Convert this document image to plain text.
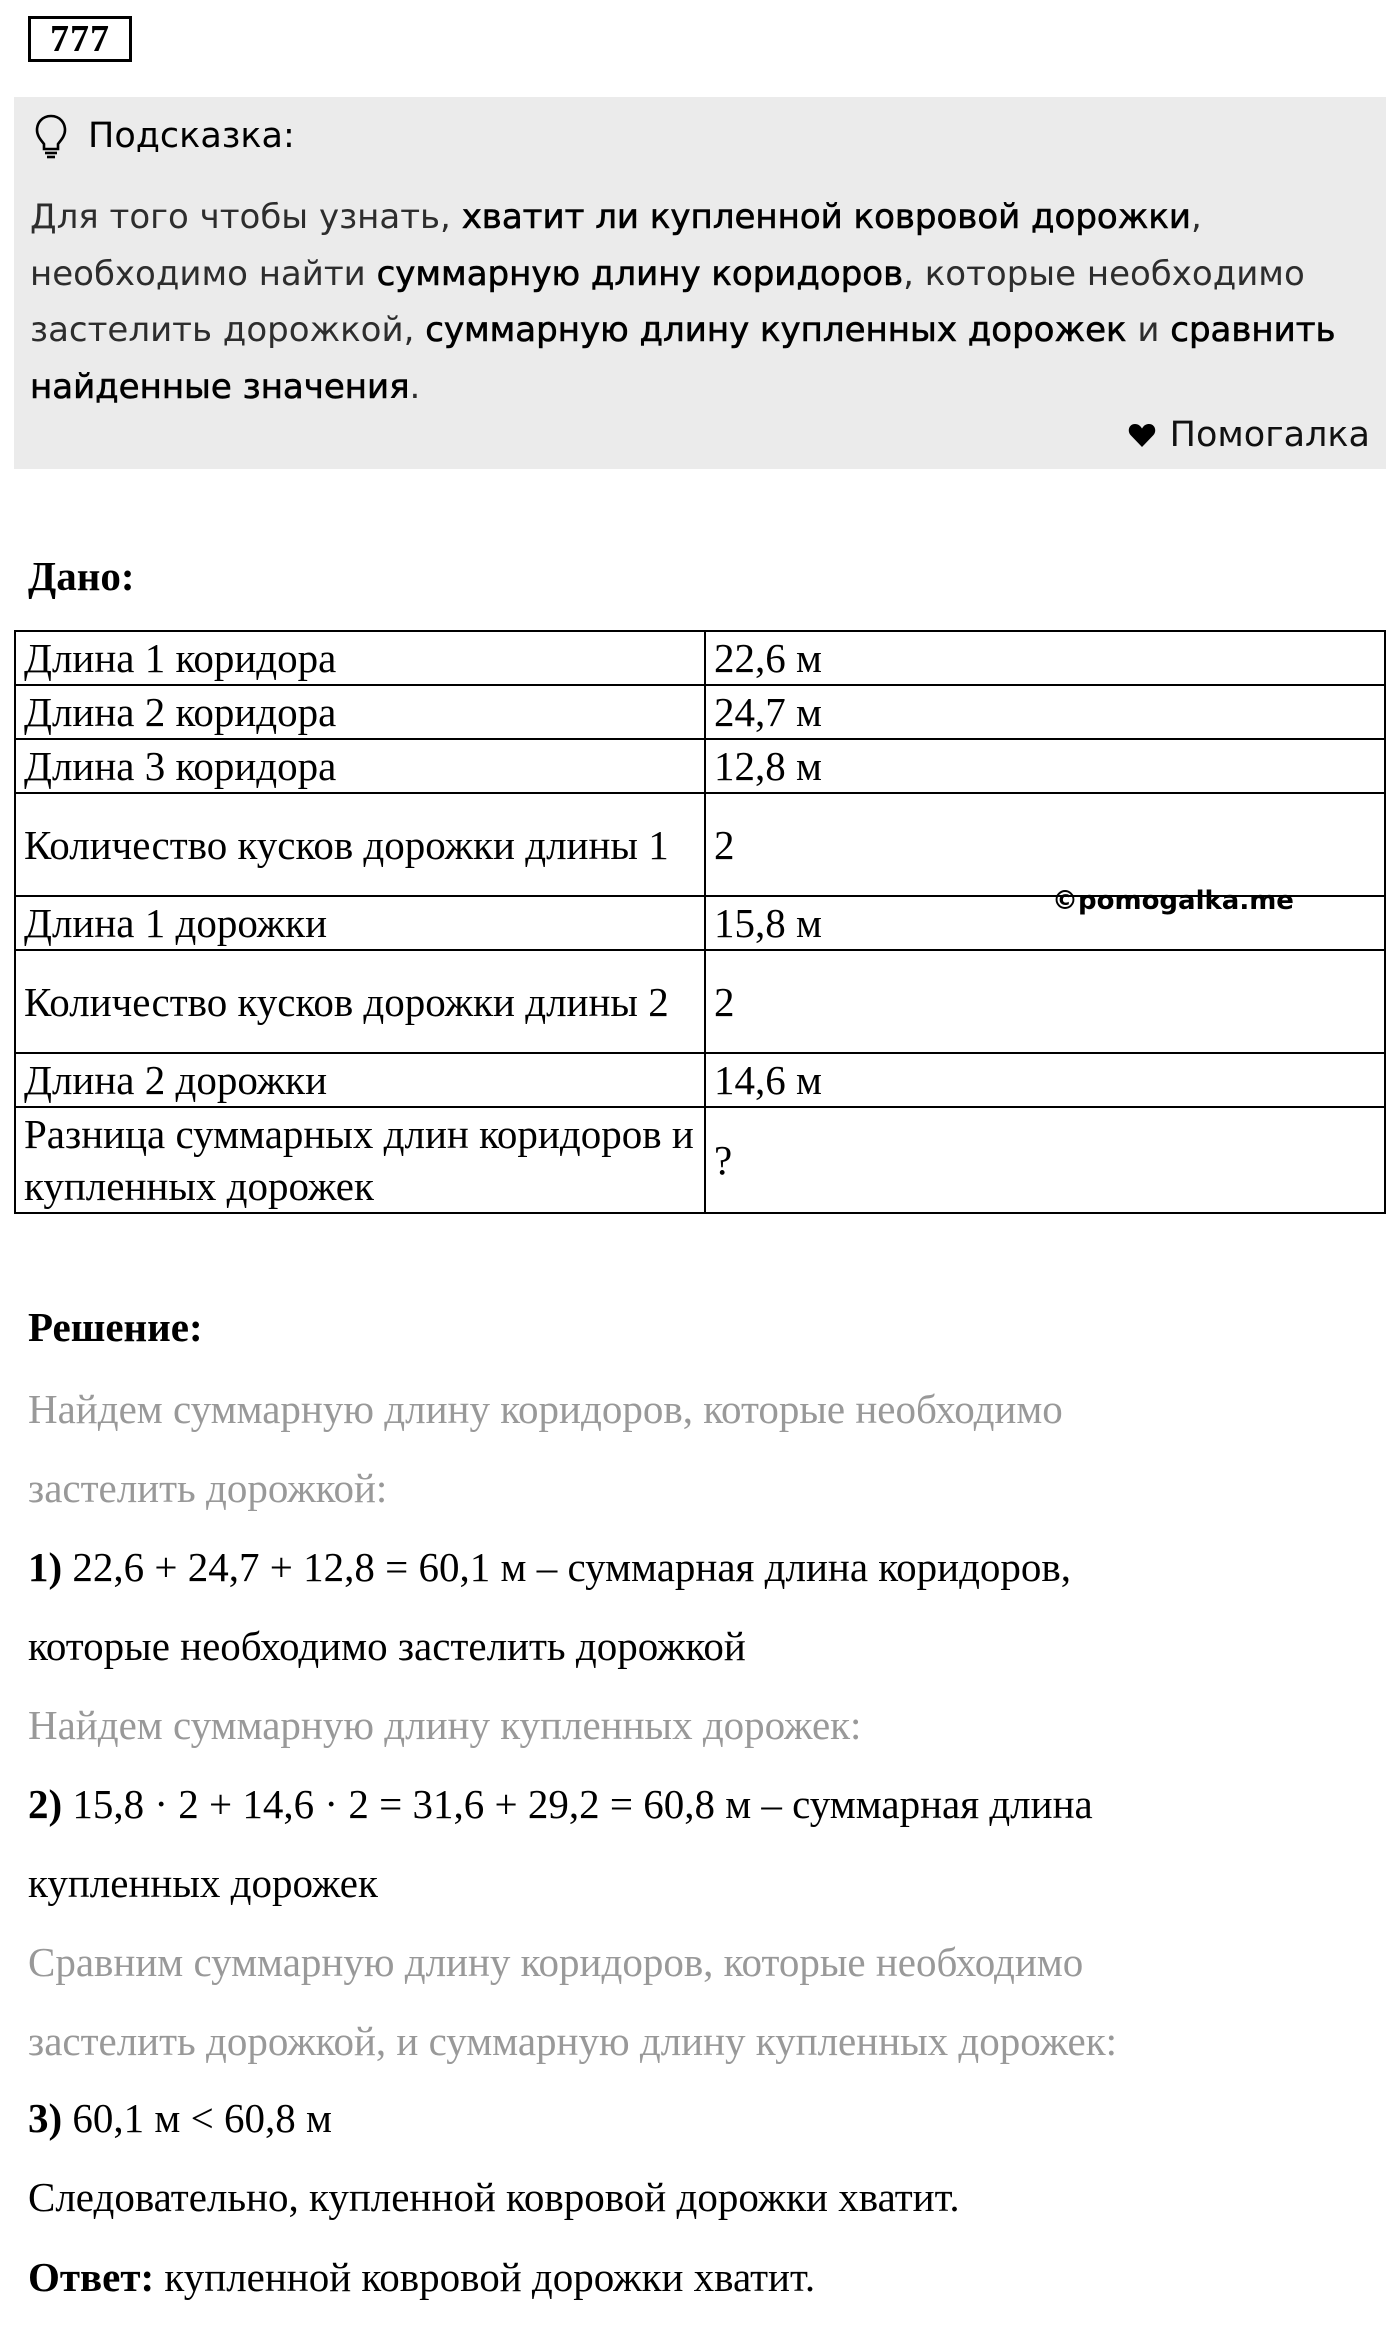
777
Подсказка:
Для того чтобы узнать, хватит ли купленной ковровой дорожки, необходимо найти суммарную длину коридоров, которые необходимо застелить дорожкой, суммарную длину купленных дорожек и сравнить найденные значения.
Помогалка
Дано:
Длина 1 коридора	22,6 м
Длина 2 коридора	24,7 м
Длина 3 коридора	12,8 м
Количество кусков дорожки длины 1	2
Длина 1 дорожки	15,8 м
Количество кусков дорожки длины 2	2
Длина 2 дорожки	14,6 м
Разница суммарных длин коридоров и купленных дорожек	?
©pomogalka.me
Решение:
Найдем суммарную длину коридоров, которые необходимо
застелить дорожкой:
1) 22,6 + 24,7 + 12,8 = 60,1 м – суммарная длина коридоров,
которые необходимо застелить дорожкой
Найдем суммарную длину купленных дорожек:
2) 15,8 · 2 + 14,6 · 2 = 31,6 + 29,2 = 60,8 м – суммарная длина
купленных дорожек
Сравним суммарную длину коридоров, которые необходимо
застелить дорожкой, и суммарную длину купленных дорожек:
3) 60,1 м < 60,8 м
Следовательно, купленной ковровой дорожки хватит.
Ответ: купленной ковровой дорожки хватит.
